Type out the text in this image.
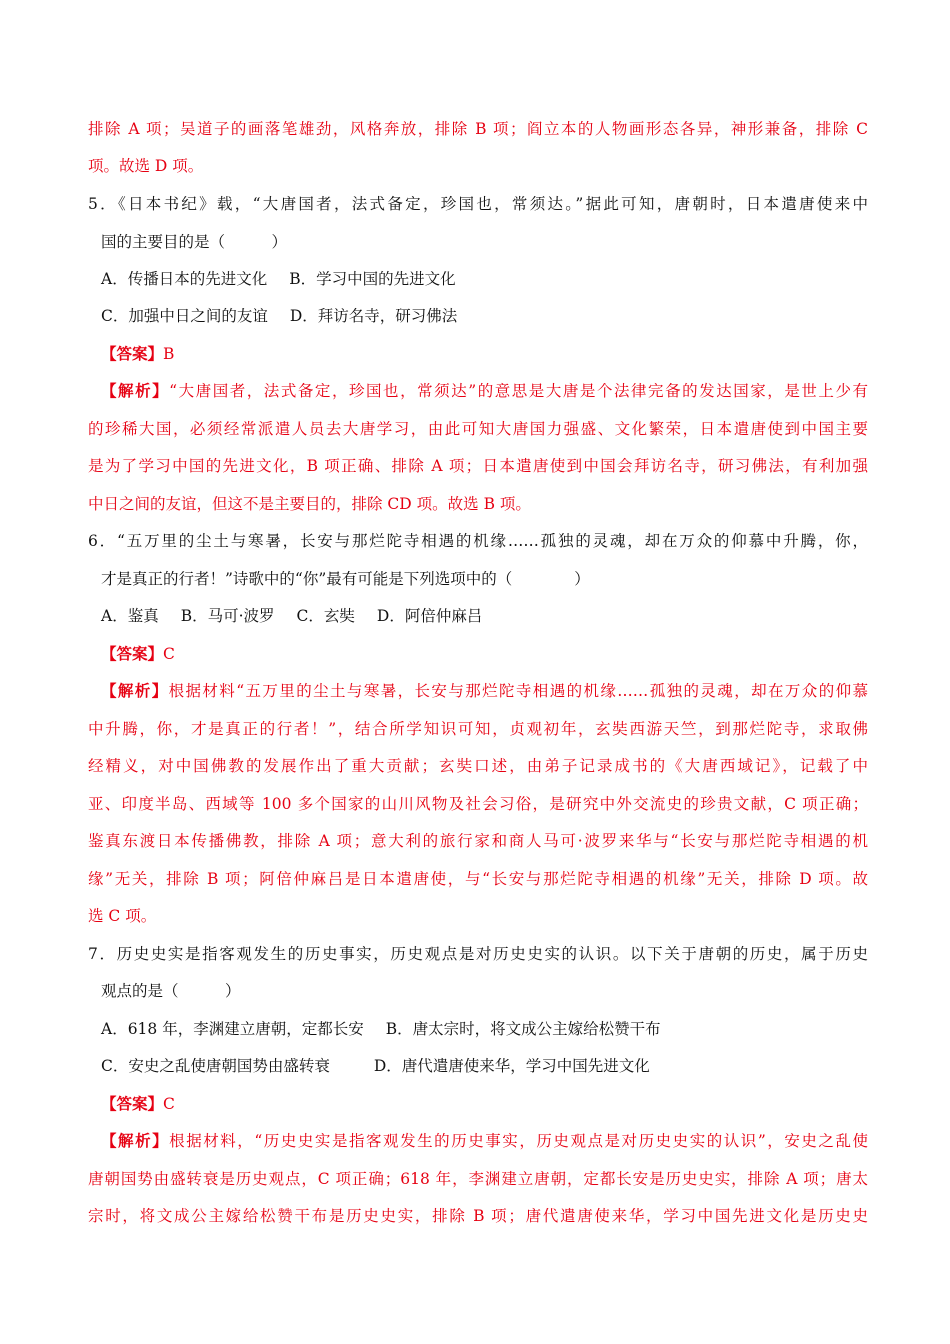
排除 A 项；吴道子的画落笔雄劲，风格奔放，排除 B 项；阎立本的人物画形态各异，神形兼备，排除 C
项。故选 D 项。
5．《日本书纪》载，“大唐国者，法式备定，珍国也，常须达。”据此可知，唐朝时，日本遣唐使来中
国的主要目的是（　　　）
A．传播日本的先进文化 B．学习中国的先进文化
C．加强中日之间的友谊 D．拜访名寺，研习佛法
【答案】B
【解析】“大唐国者，法式备定，珍国也，常须达”的意思是大唐是个法律完备的发达国家，是世上少有
的珍稀大国，必须经常派遣人员去大唐学习，由此可知大唐国力强盛、文化繁荣，日本遣唐使到中国主要
是为了学习中国的先进文化，B 项正确、排除 A 项；日本遣唐使到中国会拜访名寺，研习佛法，有利加强
中日之间的友谊，但这不是主要目的，排除 CD 项。故选 B 项。
6．“五万里的尘土与寒暑，长安与那烂陀寺相遇的机缘……孤独的灵魂，却在万众的仰慕中升腾，你，
才是真正的行者！”诗歌中的“你”最有可能是下列选项中的（　　　　）
A．鉴真 B．马可·波罗 C．玄奘 D．阿倍仲麻吕
【答案】C
【解析】根据材料“五万里的尘土与寒暑，长安与那烂陀寺相遇的机缘……孤独的灵魂，却在万众的仰慕
中升腾，你，才是真正的行者！”，结合所学知识可知，贞观初年，玄奘西游天竺，到那烂陀寺，求取佛
经精义，对中国佛教的发展作出了重大贡献；玄奘口述，由弟子记录成书的《大唐西域记》，记载了中
亚、印度半岛、西域等 100 多个国家的山川风物及社会习俗，是研究中外交流史的珍贵文献，C 项正确；
鉴真东渡日本传播佛教，排除 A 项；意大利的旅行家和商人马可·波罗来华与“长安与那烂陀寺相遇的机
缘”无关，排除 B 项；阿倍仲麻吕是日本遣唐使，与“长安与那烂陀寺相遇的机缘”无关，排除 D 项。故
选 C 项。
7．历史史实是指客观发生的历史事实，历史观点是对历史史实的认识。以下关于唐朝的历史，属于历史
观点的是（　　　）
A．618 年，李渊建立唐朝，定都长安 B．唐太宗时，将文成公主嫁给松赞干布
C．安史之乱使唐朝国势由盛转衰	D．唐代遣唐使来华，学习中国先进文化
【答案】C
【解析】根据材料，“历史史实是指客观发生的历史事实，历史观点是对历史史实的认识”，安史之乱使
唐朝国势由盛转衰是历史观点，C 项正确；618 年，李渊建立唐朝，定都长安是历史史实，排除 A 项；唐太
宗时，将文成公主嫁给松赞干布是历史史实，排除 B 项；唐代遣唐使来华，学习中国先进文化是历史史
